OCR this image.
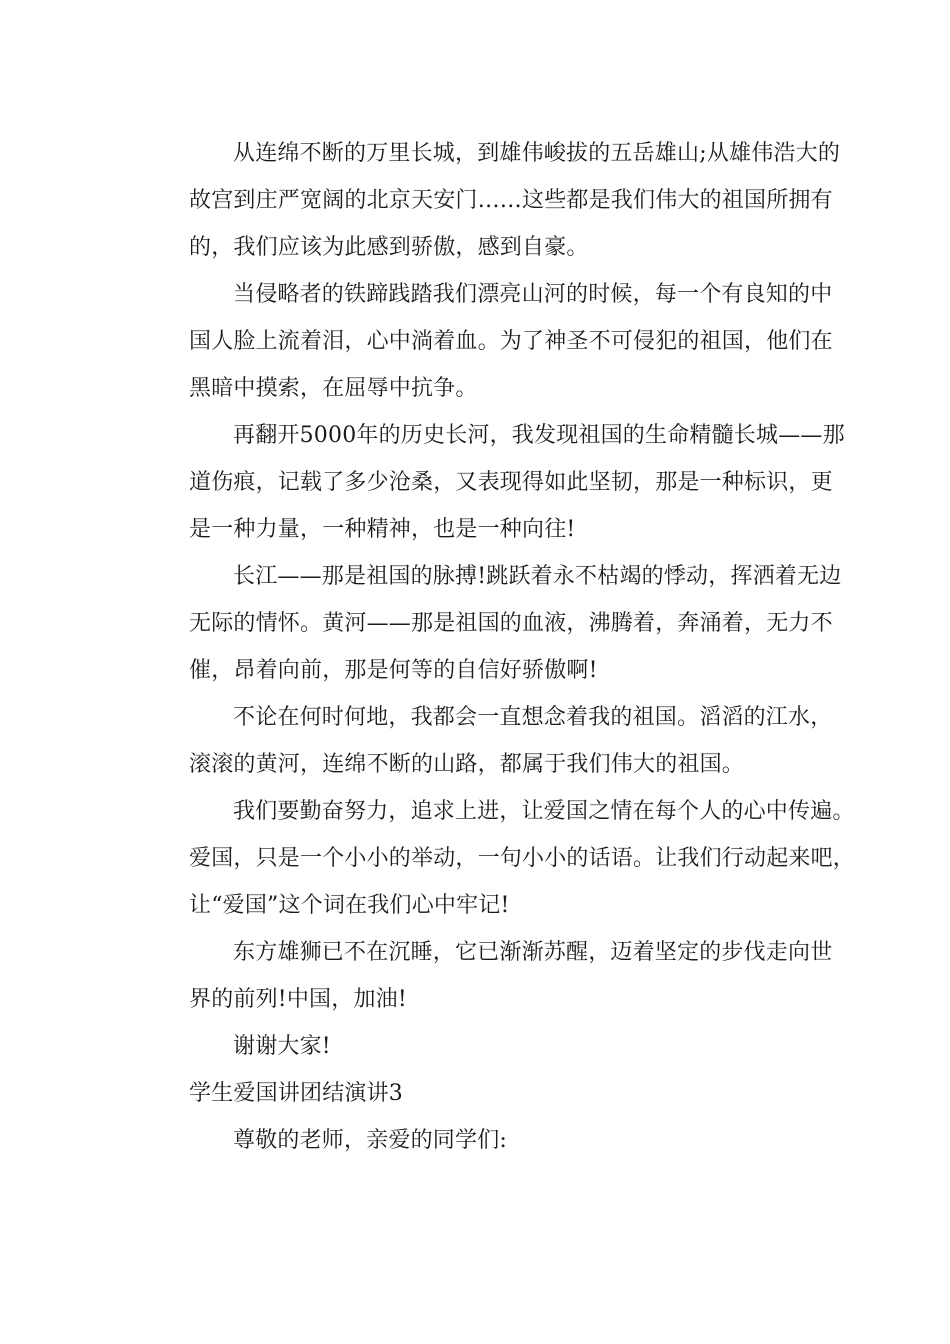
从连绵不断的万里长城，到雄伟峻拔的五岳雄山;从雄伟浩大的
故宫到庄严宽阔的北京天安门……这些都是我们伟大的祖国所拥有
的，我们应该为此感到骄傲，感到自豪。

当侵略者的铁蹄践踏我们漂亮山河的时候，每一个有良知的中
国人脸上流着泪，心中淌着血。为了神圣不可侵犯的祖国，他们在
黑暗中摸索，在屈辱中抗争。

再翻开5000年的历史长河，我发现祖国的生命精髓长城——那
道伤痕，记载了多少沧桑，又表现得如此坚韧，那是一种标识，更
是一种力量，一种精神，也是一种向往!

长江——那是祖国的脉搏!跳跃着永不枯竭的悸动，挥洒着无边
无际的情怀。黄河——那是祖国的血液，沸腾着，奔涌着，无力不
催，昂着向前，那是何等的自信好骄傲啊!

不论在何时何地，我都会一直想念着我的祖国。滔滔的江水，
滚滚的黄河，连绵不断的山路，都属于我们伟大的祖国。

我们要勤奋努力，追求上进，让爱国之情在每个人的心中传遍。
爱国，只是一个小小的举动，一句小小的话语。让我们行动起来吧，
让“爱国”这个词在我们心中牢记!

东方雄狮已不在沉睡，它已渐渐苏醒，迈着坚定的步伐走向世
界的前列!中国，加油!

谢谢大家!

学生爱国讲团结演讲3

尊敬的老师，亲爱的同学们:
